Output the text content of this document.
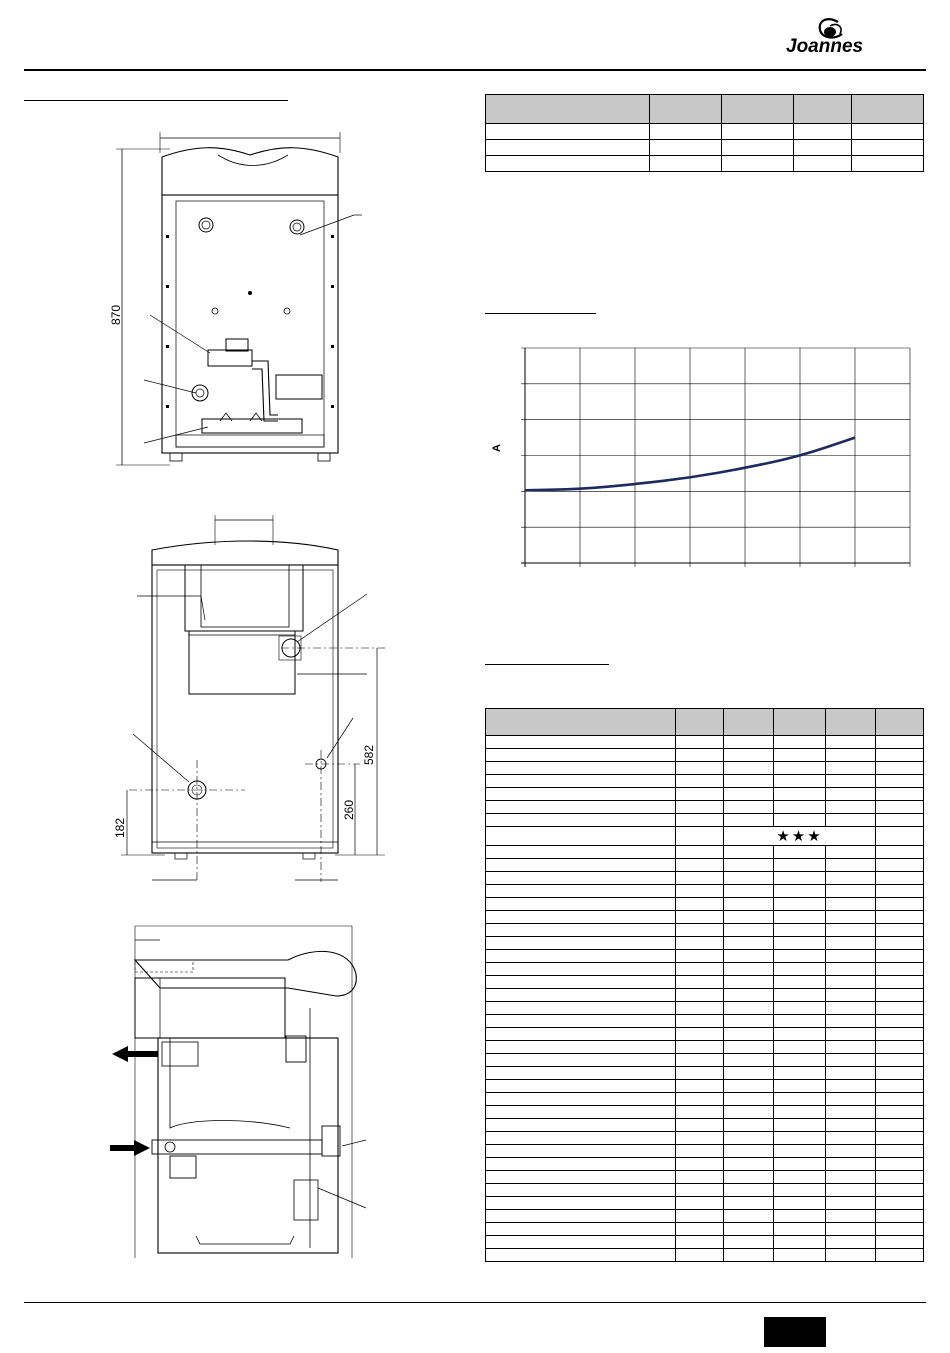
Joannes
870
182
260
582

A

		★★★			
